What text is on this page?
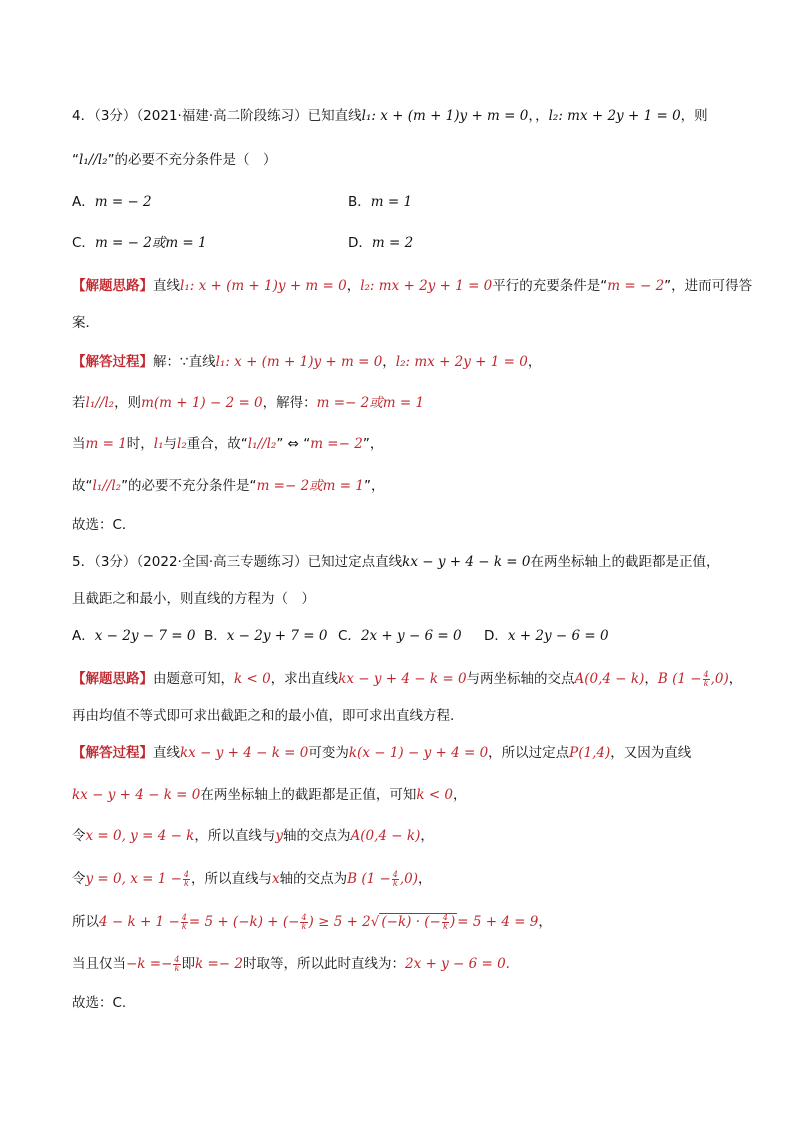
4．（3分）（2021·福建·高二阶段练习）已知直线l₁: x + (m + 1)y + m = 0，，l₂: mx + 2y + 1 = 0，则
“l₁//l₂”的必要不充分条件是（　）
A．m = − 2	B．m = 1
C．m = − 2或m = 1	D．m = 2
【解题思路】直线l₁: x + (m + 1)y + m = 0，l₂: mx + 2y + 1 = 0平行的充要条件是“m = − 2”，进而可得答
案．
【解答过程】解：∵直线l₁: x + (m + 1)y + m = 0，l₂: mx + 2y + 1 = 0，
若l₁//l₂，则m(m + 1) − 2 = 0，解得：m =− 2或m = 1
当m = 1时，l₁与l₂重合，故“l₁//l₂” ⇔ “m =− 2”，
故“l₁//l₂”的必要不充分条件是“m =− 2或m = 1”，
故选：C．
5．（3分）（2022·全国·高三专题练习）已知过定点直线kx − y + 4 − k = 0在两坐标轴上的截距都是正值，
且截距之和最小，则直线的方程为（　）
A．x − 2y − 7 = 0 B．x − 2y + 7 = 0 C．2x + y − 6 = 0 D．x + 2y − 6 = 0
【解题思路】由题意可知，k < 0，求出直线kx − y + 4 − k = 0与两坐标轴的交点A(0,4 − k)，B $(1 - \frac{4}{k} ,0)$，
再由均值不等式即可求出截距之和的最小值，即可求出直线方程.
【解答过程】直线kx − y + 4 − k = 0可变为k(x − 1) − y + 4 = 0，所以过定点P(1,4)，又因为直线
kx − y + 4 − k = 0在两坐标轴上的截距都是正值，可知k < 0，
令x = 0, y = 4 − k，所以直线与y轴的交点为A(0,4 − k)，
令y = 0, $x = 1 - \frac{4}{k}$ ，所以直线与x轴的交点为B $(1 - \frac{4}{k} ,0)$，
所以$4 - k + 1 - \frac{4}{k} = 5 + (-k)$ + (− $\frac{4}{k}$ ) ≥ 5 + 2√ (−k) · (− $\frac{4}{k}$ ) = 5 + 4 = 9，
当且仅当$-k =- \frac{4}{k}$ 即k =− 2时取等，所以此时直线为：2x + y − 6 = 0.
故选：C.
